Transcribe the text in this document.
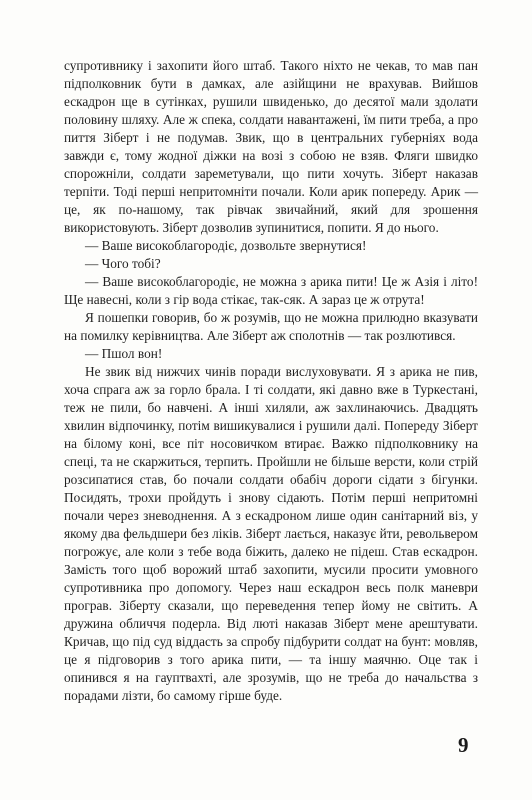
супротивнику і захопити його штаб. Такого ніхто не чекав, то мав пан підполковник бути в дамках, але азійщини не врахував. Вийшов ескадрон ще в сутінках, рушили швиденько, до десятої мали здолати половину шляху. Але ж спека, солдати навантажені, їм пити треба, а про пиття Зіберт і не подумав. Звик, що в центральних губерніях вода завжди є, тому жодної діжки на возі з собою не взяв. Фляги швидко спорожніли, солдати зареметували, що пити хочуть. Зіберт наказав терпіти. Тоді перші непритомніти почали. Коли арик попереду. Арик — це, як по-нашому, так рівчак звичайний, який для зрошення використовують. Зіберт дозволив зупинитися, попити. Я до нього.

— Ваше високоблагородіє, дозвольте звернутися!

— Чого тобі?

— Ваше високоблагородіє, не можна з арика пити! Це ж Азія і літо! Ще навесні, коли з гір вода стікає, так-сяк. А зараз це ж отрута!

Я пошепки говорив, бо ж розумів, що не можна прилюдно вказувати на помилку керівництва. Але Зіберт аж сполотнів — так розлютився.

— Пшол вон!

Не звик від нижчих чинів поради вислуховувати. Я з арика не пив, хоча спрага аж за горло брала. І ті солдати, які давно вже в Туркестані, теж не пили, бо навчені. А інші хиляли, аж захлинаючись. Двадцять хвилин відпочинку, потім вишикувалися і рушили далі. Попереду Зіберт на білому коні, все піт носовичком втирає. Важко підполковнику на спеці, та не скаржиться, терпить. Пройшли не більше версти, коли стрій розсипатися став, бо почали солдати обабіч дороги сідати з бігунки. Посидять, трохи пройдуть і знову сідають. Потім перші непритомні почали через зневоднення. А з ескадроном лише один санітарний віз, у якому два фельдшери без ліків. Зіберт лається, наказує йти, револьвером погрожує, але коли з тебе вода біжить, далеко не підеш. Став ескадрон. Замість того щоб ворожий штаб захопити, мусили просити умовного супротивника про допомогу. Через наш ескадрон весь полк маневри програв. Зіберту сказали, що переведення тепер йому не світить. А дружина обличчя подерла. Від люті наказав Зіберт мене арештувати. Кричав, що під суд віддасть за спробу підбурити солдат на бунт: мовляв, це я підговорив з того арика пити, — та іншу маячню. Оце так і опинився я на гауптвахті, але зрозумів, що не треба до начальства з порадами лізти, бо самому гірше буде.

9
